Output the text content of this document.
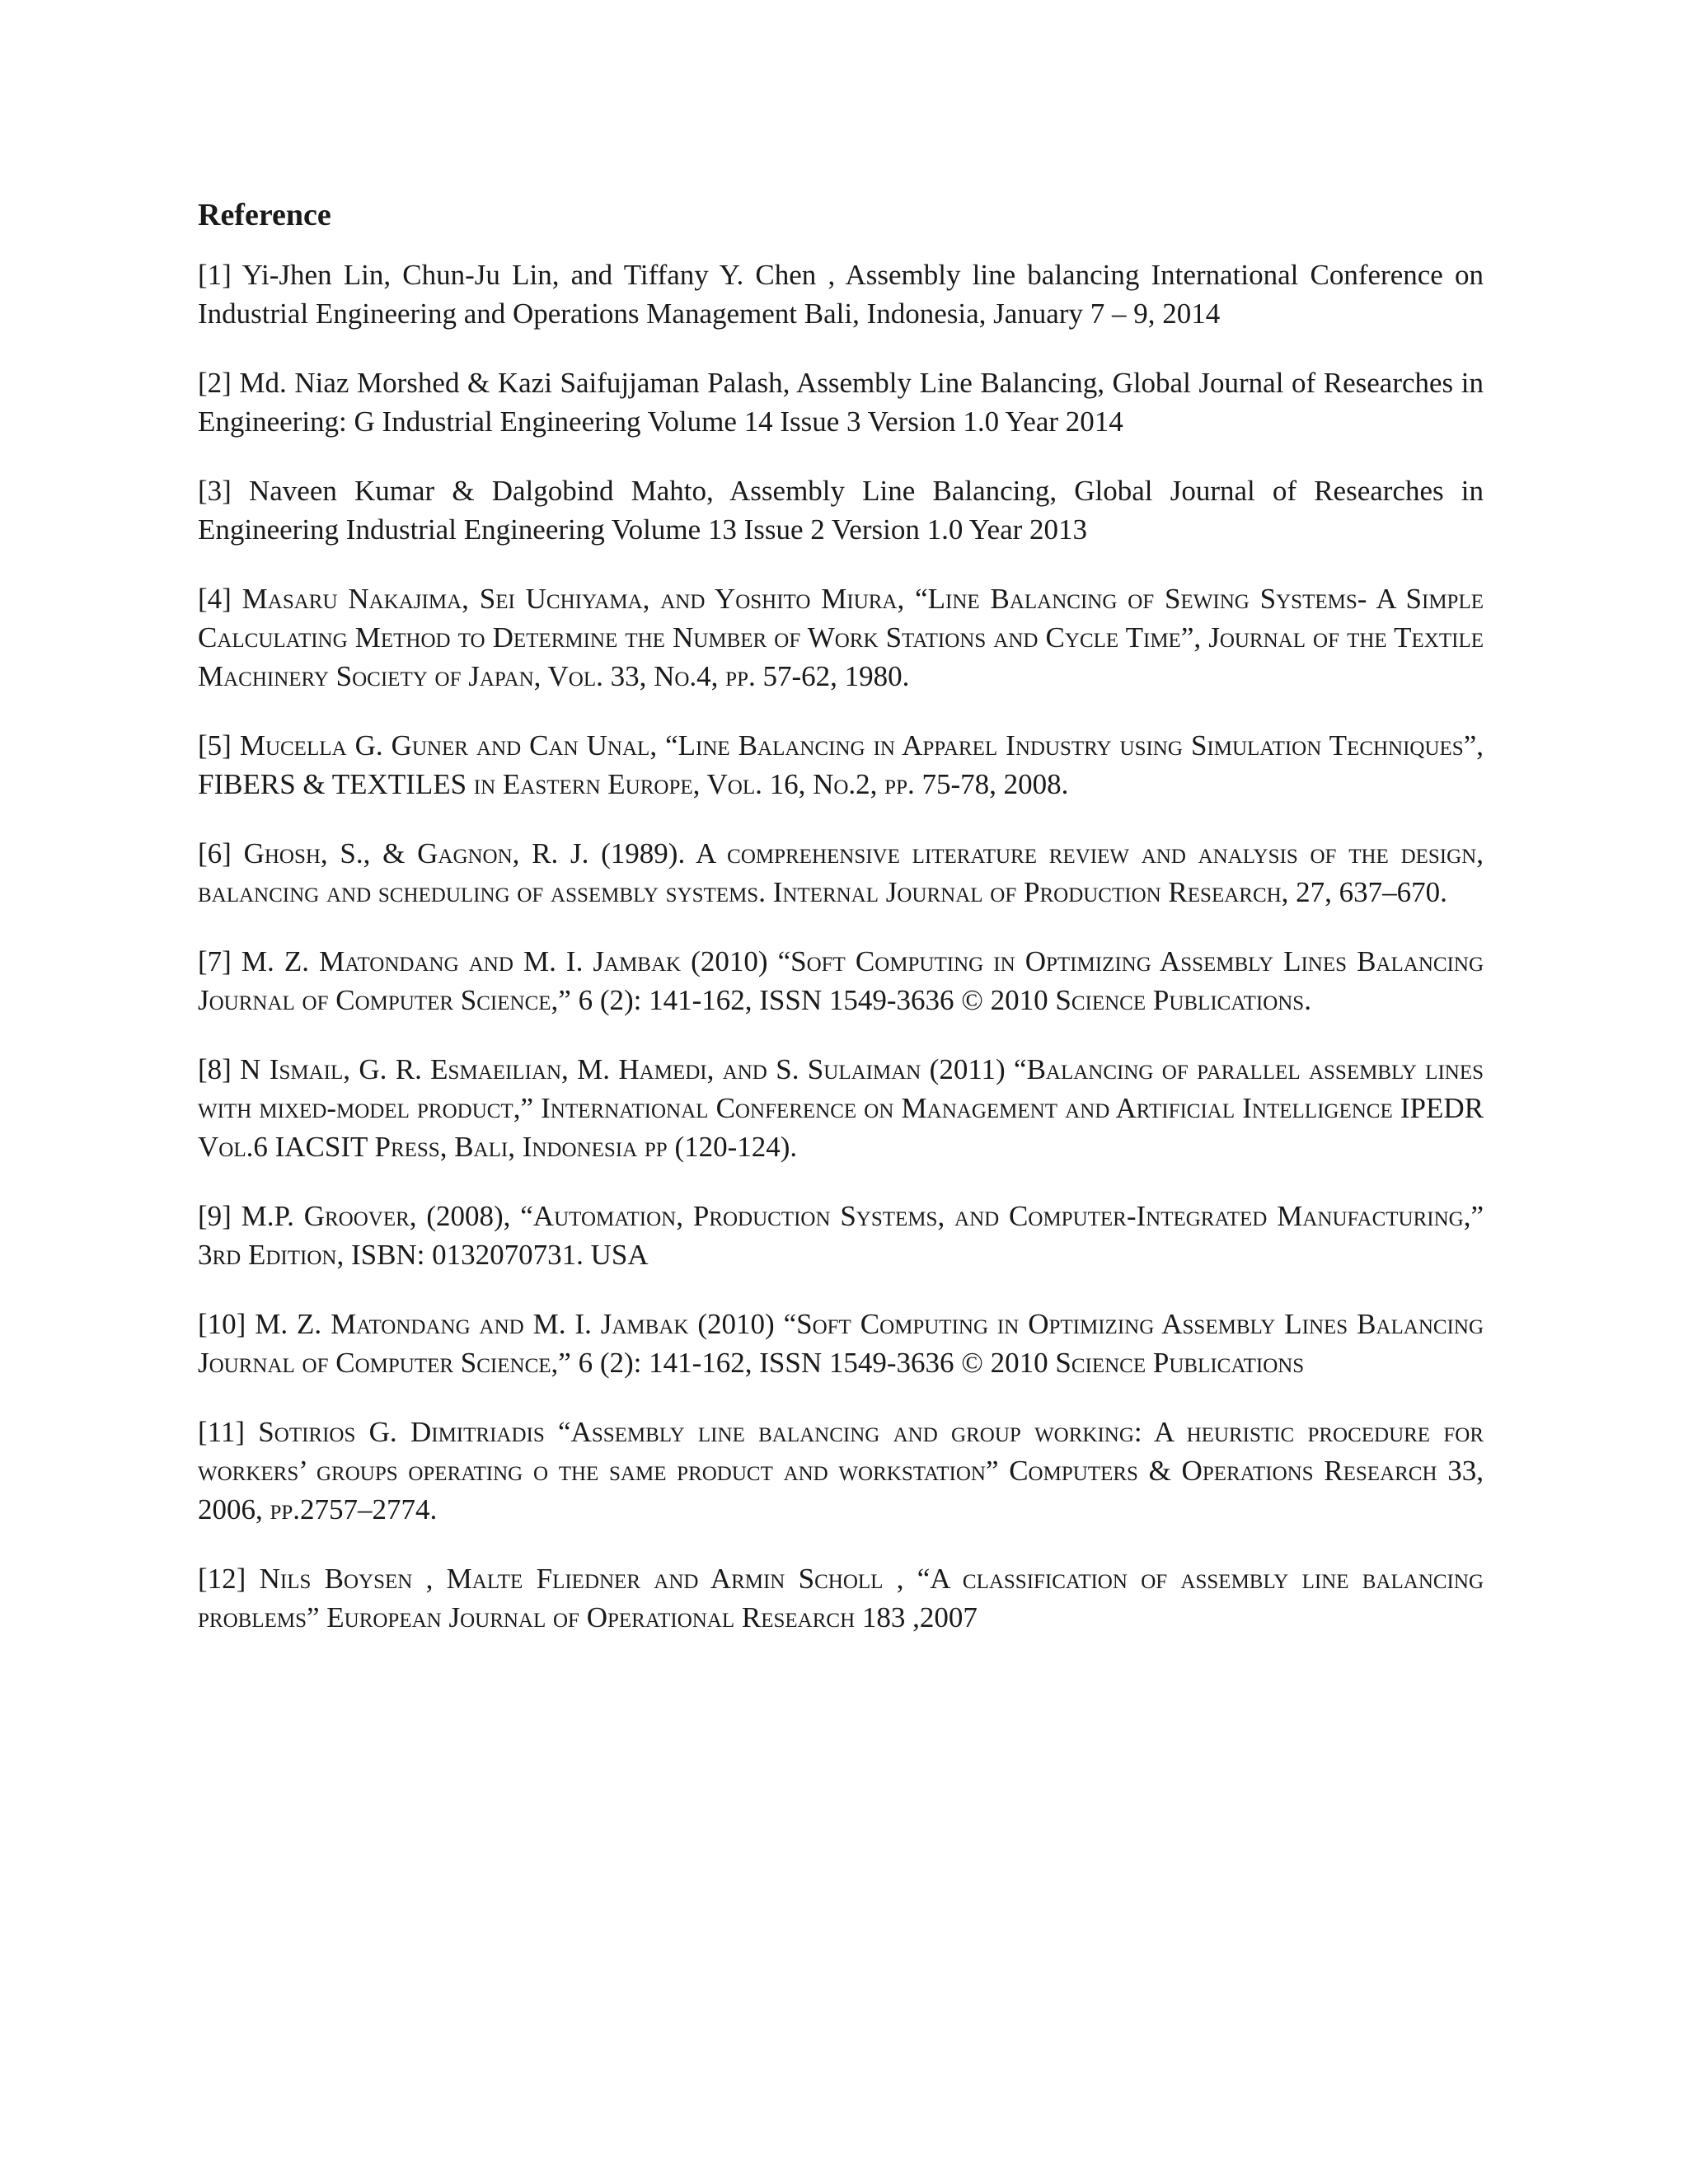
Reference
[1] Yi-Jhen Lin, Chun-Ju Lin, and Tiffany Y. Chen , Assembly line balancing International Conference on Industrial Engineering and Operations Management Bali, Indonesia, January 7 – 9, 2014
[2] Md. Niaz Morshed & Kazi Saifujjaman Palash, Assembly Line Balancing, Global Journal of Researches in Engineering: G Industrial Engineering Volume 14 Issue 3 Version 1.0 Year 2014
[3] Naveen Kumar & Dalgobind Mahto, Assembly Line Balancing, Global Journal of Researches in Engineering Industrial Engineering Volume 13 Issue 2 Version 1.0 Year 2013
[4] Masaru Nakajima, Sei Uchiyama, and Yoshito Miura, “Line Balancing of Sewing Systems- A Simple Calculating Method to Determine the Number of Work Stations and Cycle Time”, Journal of the Textile Machinery Society of Japan, Vol. 33, No.4, pp. 57-62, 1980.
[5] Mucella G. Guner and Can Unal, “Line Balancing in Apparel Industry using Simulation Techniques”, FIBERS & TEXTILES in Eastern Europe, Vol. 16, No.2, pp. 75-78, 2008.
[6] Ghosh, S., & Gagnon, R. J. (1989). A comprehensive literature review and analysis of the design, balancing and scheduling of assembly systems. Internal Journal of Production Research, 27, 637–670.
[7] M. Z. Matondang and M. I. Jambak (2010) “Soft Computing in Optimizing Assembly Lines Balancing Journal of Computer Science,” 6 (2): 141-162, ISSN 1549-3636 © 2010 Science Publications.
[8] N Ismail, G. R. Esmaeilian, M. Hamedi, and S. Sulaiman (2011) “Balancing of parallel assembly lines with mixed-model product,” International Conference on Management and Artificial Intelligence IPEDR Vol.6 IACSIT Press, Bali, Indonesia pp (120-124).
[9] M.P. Groover, (2008), “Automation, Production Systems, and Computer-Integrated Manufacturing,” 3rd Edition, ISBN: 0132070731. USA
[10] M. Z. Matondang and M. I. Jambak (2010) “Soft Computing in Optimizing Assembly Lines Balancing Journal of Computer Science,” 6 (2): 141-162, ISSN 1549-3636 © 2010 Science Publications
[11] Sotirios G. Dimitriadis “Assembly line balancing and group working: A heuristic procedure for workers’ groups operating o the same product and workstation” Computers & Operations Research 33, 2006, pp.2757–2774.
[12] Nils Boysen , Malte Fliedner and Armin Scholl , “A classification of assembly line balancing problems” European Journal of Operational Research 183 ,2007
